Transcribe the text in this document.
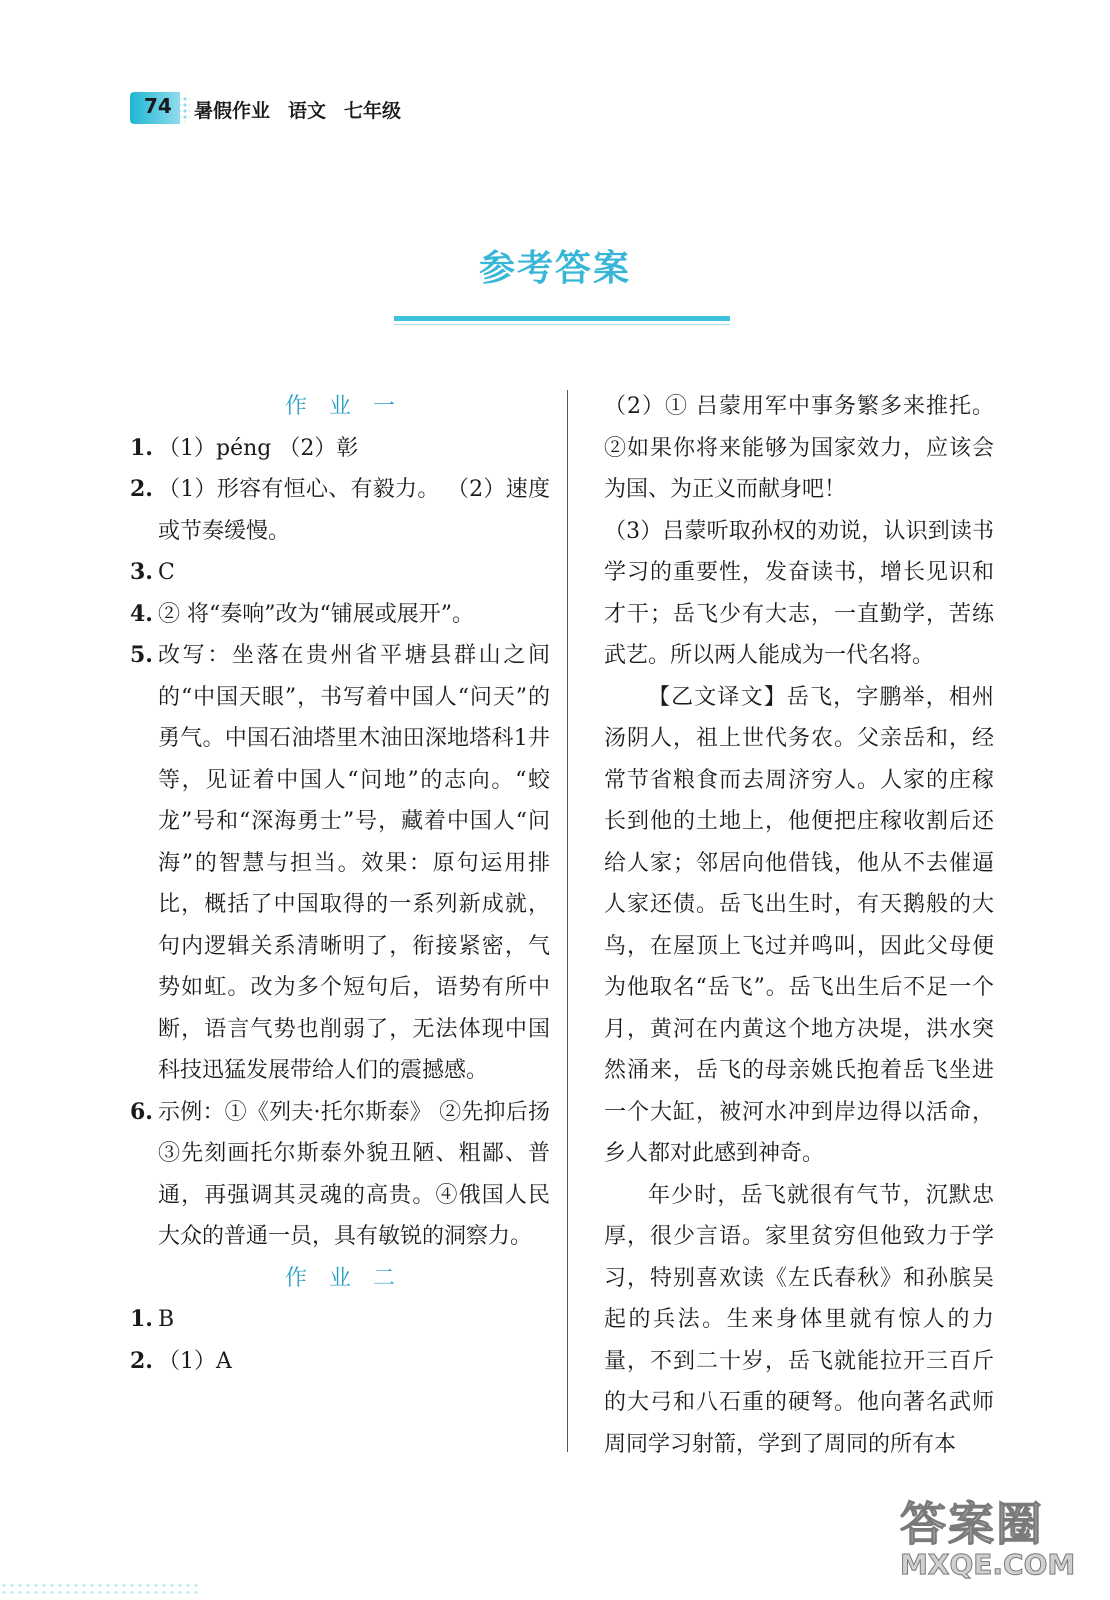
74 暑假作业 语文 七年级
参考答案
作业一
1. （1）péng （2）彰
2. （1）形容有恒心、有毅力。 （2）速度或节奏缓慢。
3. C
4. ② 将“奏响”改为“铺展或展开”。
5. 改写：坐落在贵州省平塘县群山之间的“中国天眼”，书写着中国人“问天”的勇气。中国石油塔里木油田深地塔科1井等，见证着中国人“问地”的志向。“蛟龙”号和“深海勇士”号，藏着中国人“问海”的智慧与担当。效果：原句运用排比，概括了中国取得的一系列新成就，句内逻辑关系清晰明了，衔接紧密，气势如虹。改为多个短句后，语势有所中断，语言气势也削弱了，无法体现中国科技迅猛发展带给人们的震撼感。
6. 示例：①《列夫·托尔斯泰》 ②先抑后扬 ③先刻画托尔斯泰外貌丑陋、粗鄙、普通，再强调其灵魂的高贵。④俄国人民大众的普通一员，具有敏锐的洞察力。
作业二
1. B
2. （1）A

（2）① 吕蒙用军中事务繁多来推托。②如果你将来能够为国家效力，应该会为国、为正义而献身吧！

（3）吕蒙听取孙权的劝说，认识到读书学习的重要性，发奋读书，增长见识和才干；岳飞少有大志，一直勤学，苦练武艺。所以两人能成为一代名将。

【乙文译文】岳飞，字鹏举，相州汤阴人，祖上世代务农。父亲岳和，经常节省粮食而去周济穷人。人家的庄稼长到他的土地上，他便把庄稼收割后还给人家；邻居向他借钱，他从不去催逼人家还债。岳飞出生时，有天鹅般的大鸟，在屋顶上飞过并鸣叫，因此父母便为他取名“岳飞”。岳飞出生后不足一个月，黄河在内黄这个地方决堤，洪水突然涌来，岳飞的母亲姚氏抱着岳飞坐进一个大缸，被河水冲到岸边得以活命，乡人都对此感到神奇。

年少时，岳飞就很有气节，沉默忠厚，很少言语。家里贫穷但他致力于学习，特别喜欢读《左氏春秋》和孙膑吴起的兵法。生来身体里就有惊人的力量，不到二十岁，岳飞就能拉开三百斤的大弓和八石重的硬弩。他向著名武师周同学习射箭，学到了周同的所有本

答案圈
MXQE.COM
